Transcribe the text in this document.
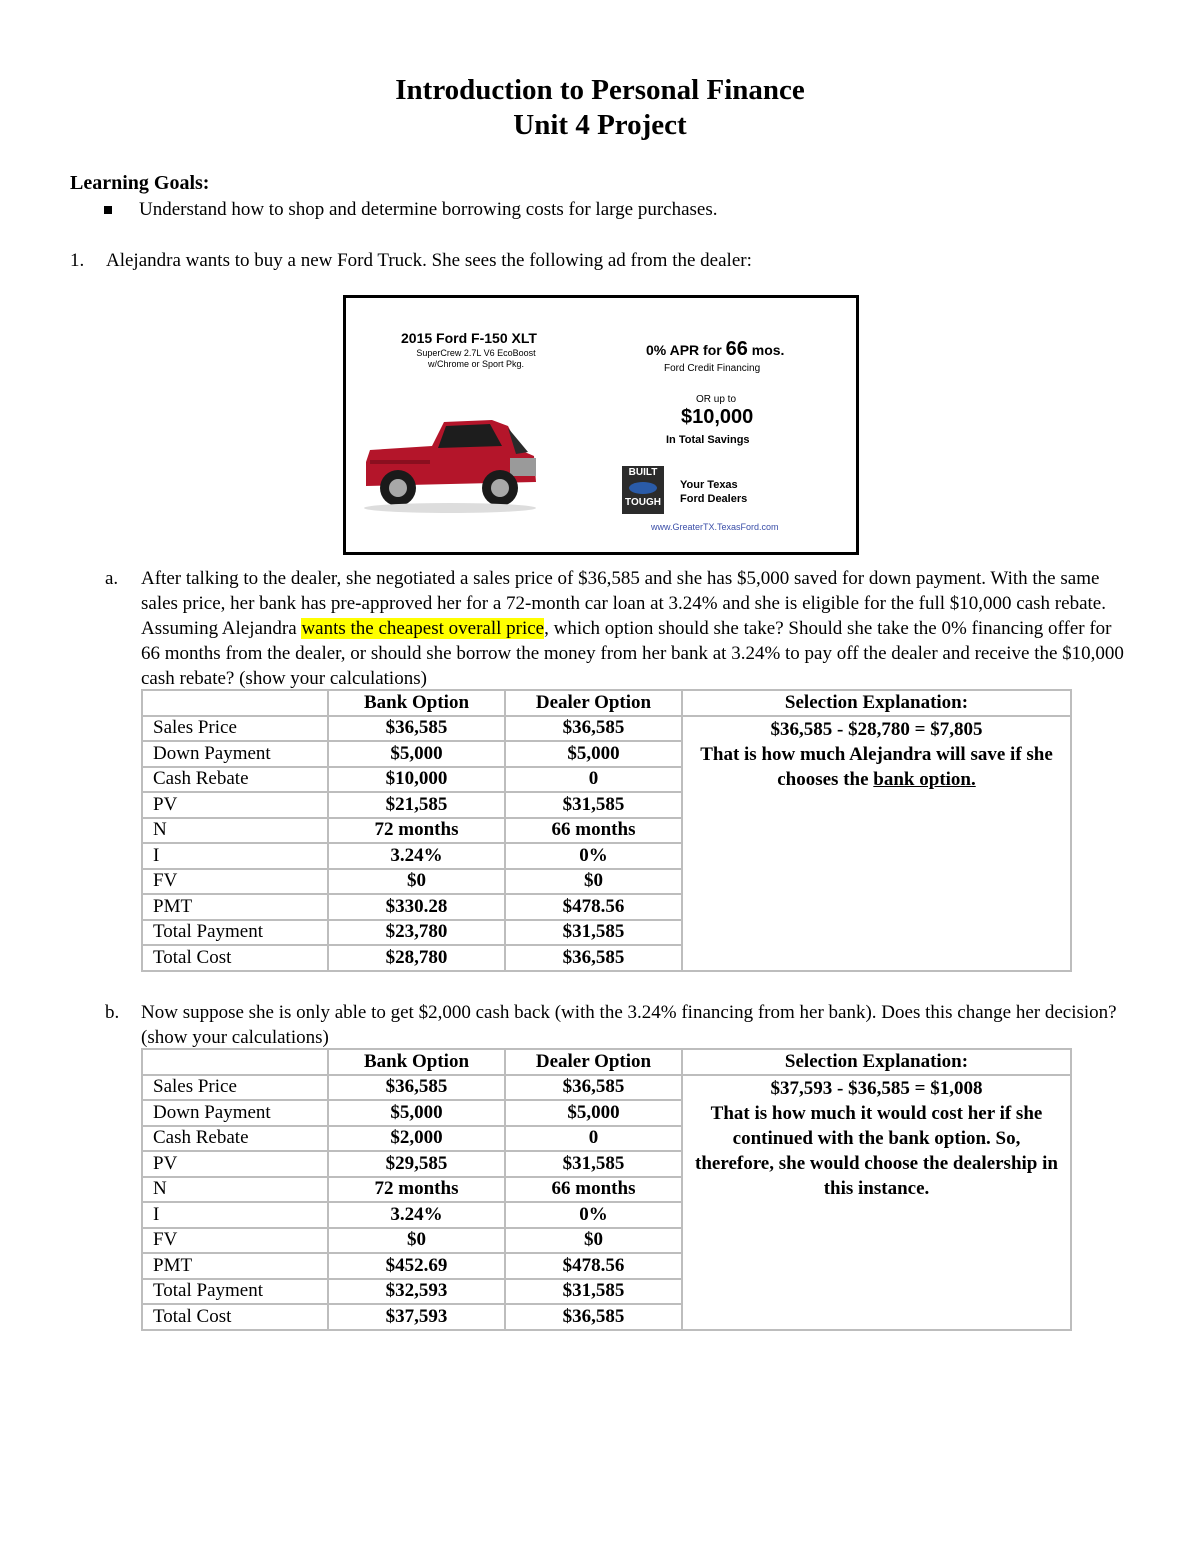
Introduction to Personal Finance
Unit 4 Project
Learning Goals:
Understand how to shop and determine borrowing costs for large purchases.
1. Alejandra wants to buy a new Ford Truck. She sees the following ad from the dealer:
2015 Ford F-150 XLT
SuperCrew 2.7L V6 EcoBoost
w/Chrome or Sport Pkg.
0% APR for 66 mos.
Ford Credit Financing
OR up to
$10,000
In Total Savings
BUILT
TOUGH
Your Texas
Ford Dealers
www.GreaterTX.TexasFord.com
a. After talking to the dealer, she negotiated a sales price of $36,585 and she has $5,000 saved for down payment. With the same sales price, her bank has pre-approved her for a 72-month car loan at 3.24% and she is eligible for the full $10,000 cash rebate. Assuming Alejandra wants the cheapest overall price, which option should she take? Should she take the 0% financing offer for 66 months from the dealer, or should she borrow the money from her bank at 3.24% to pay off the dealer and receive the $10,000 cash rebate? (show your calculations)
	Bank Option	Dealer Option	Selection Explanation:
Sales Price	$36,585	$36,585	$36,585 - $28,780 = $7,805
That is how much Alejandra will save if she chooses the bank option.

Down Payment	$5,000	$5,000	
Cash Rebate	$10,000	0	
PV	$21,585	$31,585	
N	72 months	66 months	
I	3.24%	0%	
FV	$0	$0	
PMT	$330.28	$478.56	
Total Payment	$23,780	$31,585	
Total Cost	$28,780	$36,585	
b. Now suppose she is only able to get $2,000 cash back (with the 3.24% financing from her bank). Does this change her decision? (show your calculations)
	Bank Option	Dealer Option	Selection Explanation:
Sales Price	$36,585	$36,585	$37,593 - $36,585 = $1,008
That is how much it would cost her if she continued with the bank option. So, therefore, she would choose the dealership in this instance.

Down Payment	$5,000	$5,000	
Cash Rebate	$2,000	0	
PV	$29,585	$31,585	
N	72 months	66 months	
I	3.24%	0%	
FV	$0	$0	
PMT	$452.69	$478.56	
Total Payment	$32,593	$31,585	
Total Cost	$37,593	$36,585	
